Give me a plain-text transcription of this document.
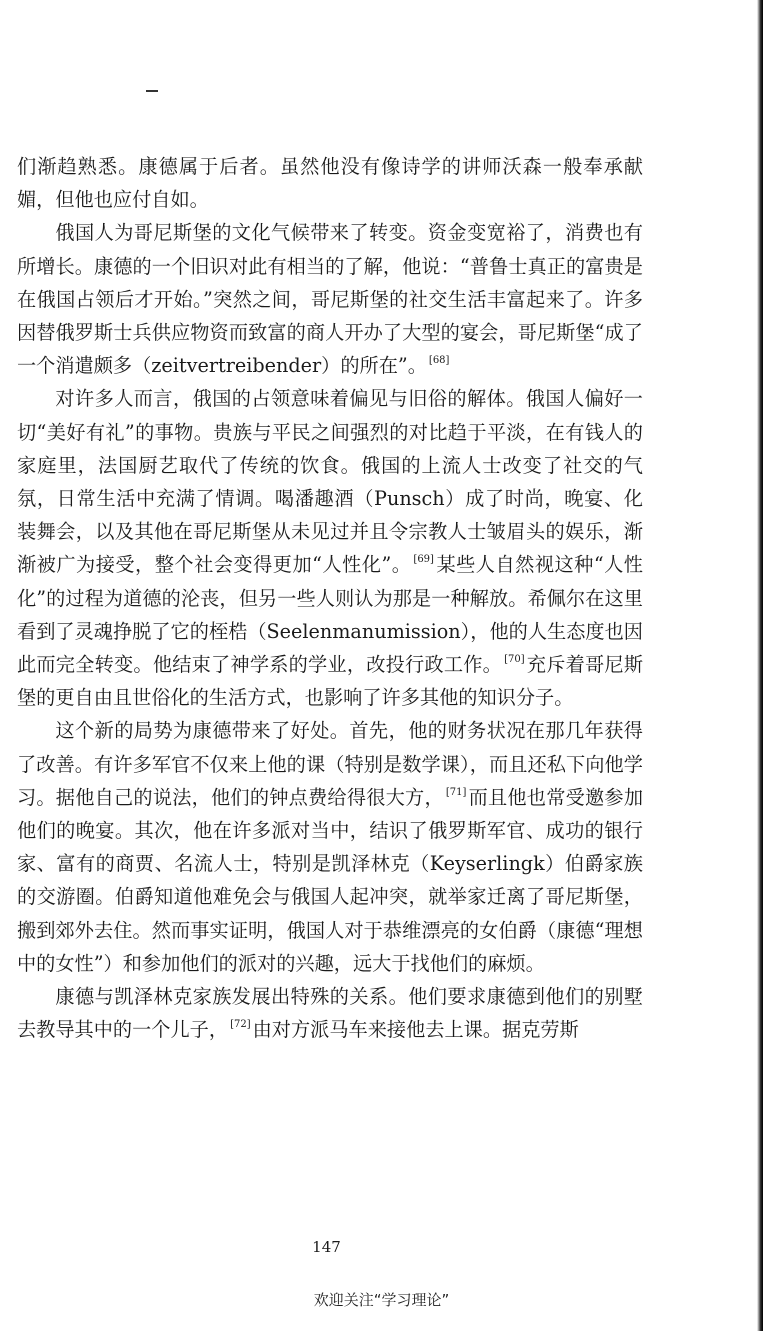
们渐趋熟悉。康德属于后者。虽然他没有像诗学的讲师沃森一般奉承献媚，但他也应付自如。

俄国人为哥尼斯堡的文化气候带来了转变。资金变宽裕了，消费也有所增长。康德的一个旧识对此有相当的了解，他说：“普鲁士真正的富贵是在俄国占领后才开始。”突然之间，哥尼斯堡的社交生活丰富起来了。许多因替俄罗斯士兵供应物资而致富的商人开办了大型的宴会，哥尼斯堡“成了一个消遣颇多（zeitvertreibender）的所在”。 [68]

对许多人而言，俄国的占领意味着偏见与旧俗的解体。俄国人偏好一切“美好有礼”的事物。贵族与平民之间强烈的对比趋于平淡，在有钱人的家庭里，法国厨艺取代了传统的饮食。俄国的上流人士改变了社交的气氛，日常生活中充满了情调。喝潘趣酒（Punsch）成了时尚，晚宴、化装舞会，以及其他在哥尼斯堡从未见过并且令宗教人士皱眉头的娱乐，渐渐被广为接受，整个社会变得更加“人性化”。 [69] 某些人自然视这种“人性化”的过程为道德的沦丧，但另一些人则认为那是一种解放。希佩尔在这里看到了灵魂挣脱了它的桎梏（Seelenmanumission），他的人生态度也因此而完全转变。他结束了神学系的学业，改投行政工作。 [70] 充斥着哥尼斯堡的更自由且世俗化的生活方式，也影响了许多其他的知识分子。

这个新的局势为康德带来了好处。首先，他的财务状况在那几年获得了改善。有许多军官不仅来上他的课（特别是数学课），而且还私下向他学习。据他自己的说法，他们的钟点费给得很大方， [71] 而且他也常受邀参加他们的晚宴。其次，他在许多派对当中，结识了俄罗斯军官、成功的银行家、富有的商贾、名流人士，特别是凯泽林克（Keyserlingk）伯爵家族的交游圈。伯爵知道他难免会与俄国人起冲突，就举家迁离了哥尼斯堡，搬到郊外去住。然而事实证明，俄国人对于恭维漂亮的女伯爵（康德“理想中的女性”）和参加他们的派对的兴趣，远大于找他们的麻烦。

康德与凯泽林克家族发展出特殊的关系。他们要求康德到他们的别墅去教导其中的一个儿子， [72] 由对方派马车来接他去上课。据克劳斯

147
欢迎关注“学习理论”
